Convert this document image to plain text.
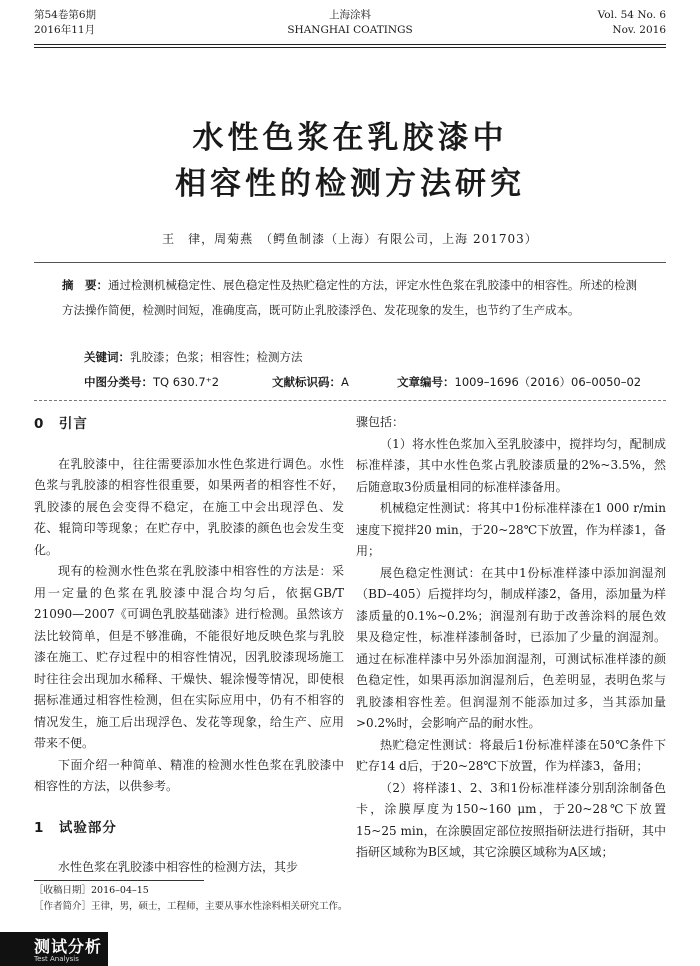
第54卷第6期
2016年11月
上海涂料
SHANGHAI COATINGS
Vol. 54 No. 6
Nov. 2016
水性色浆在乳胶漆中
相容性的检测方法研究
王　律，周菊燕　（鳄鱼制漆（上海）有限公司，上海 201703）
摘　要：通过检测机械稳定性、展色稳定性及热贮稳定性的方法，评定水性色浆在乳胶漆中的相容性。所述的检测方法操作简便，检测时间短，准确度高，既可防止乳胶漆浮色、发花现象的发生，也节约了生产成本。
关键词：乳胶漆；色浆；相容性；检测方法
中图分类号：TQ 630.7⁺2	文献标识码：A	文章编号：1009–1696（2016）06–0050–02
0　引言

在乳胶漆中，往往需要添加水性色浆进行调色。水性色浆与乳胶漆的相容性很重要，如果两者的相容性不好，乳胶漆的展色会变得不稳定，在施工中会出现浮色、发花、辊筒印等现象；在贮存中，乳胶漆的颜色也会发生变化。

现有的检测水性色浆在乳胶漆中相容性的方法是：采用一定量的色浆在乳胶漆中混合均匀后，依据GB/T 21090—2007《可调色乳胶基础漆》进行检测。虽然该方法比较简单，但是不够准确，不能很好地反映色浆与乳胶漆在施工、贮存过程中的相容性情况，因乳胶漆现场施工时往往会出现加水稀释、干燥快、辊涂慢等情况，即使根据标准通过相容性检测，但在实际应用中，仍有不相容的情况发生，施工后出现浮色、发花等现象，给生产、应用带来不便。

下面介绍一种简单、精准的检测水性色浆在乳胶漆中相容性的方法，以供参考。

1　试验部分

水性色浆在乳胶漆中相容性的检测方法，其步

骤包括：

（1）将水性色浆加入至乳胶漆中，搅拌均匀，配制成标准样漆，其中水性色浆占乳胶漆质量的2%~3.5%，然后随意取3份质量相同的标准样漆备用。

机械稳定性测试：将其中1份标准样漆在1 000 r/min速度下搅拌20 min，于20~28℃下放置，作为样漆1，备用；

展色稳定性测试：在其中1份标准样漆中添加润湿剂（BD–405）后搅拌均匀，制成样漆2，备用，添加量为样漆质量的0.1%~0.2%；润湿剂有助于改善涂料的展色效果及稳定性，标准样漆制备时，已添加了少量的润湿剂。通过在标准样漆中另外添加润湿剂，可测试标准样漆的颜色稳定性，如果再添加润湿剂后，色差明显，表明色浆与乳胶漆相容性差。但润湿剂不能添加过多，当其添加量>0.2%时，会影响产品的耐水性。

热贮稳定性测试：将最后1份标准样漆在50℃条件下贮存14 d后，于20~28℃下放置，作为样漆3，备用；

（2）将样漆1、2、3和1份标准样漆分别刮涂制备色卡，涂膜厚度为150~160 μm，于20~28℃下放置15~25 min，在涂膜固定部位按照指研法进行指研，其中指研区域称为B区域，其它涂膜区域称为A区域；

［收稿日期］2016–04–15
［作者简介］王律，男，硕士，工程师，主要从事水性涂料相关研究工作。
测试分析
Test Analysis
